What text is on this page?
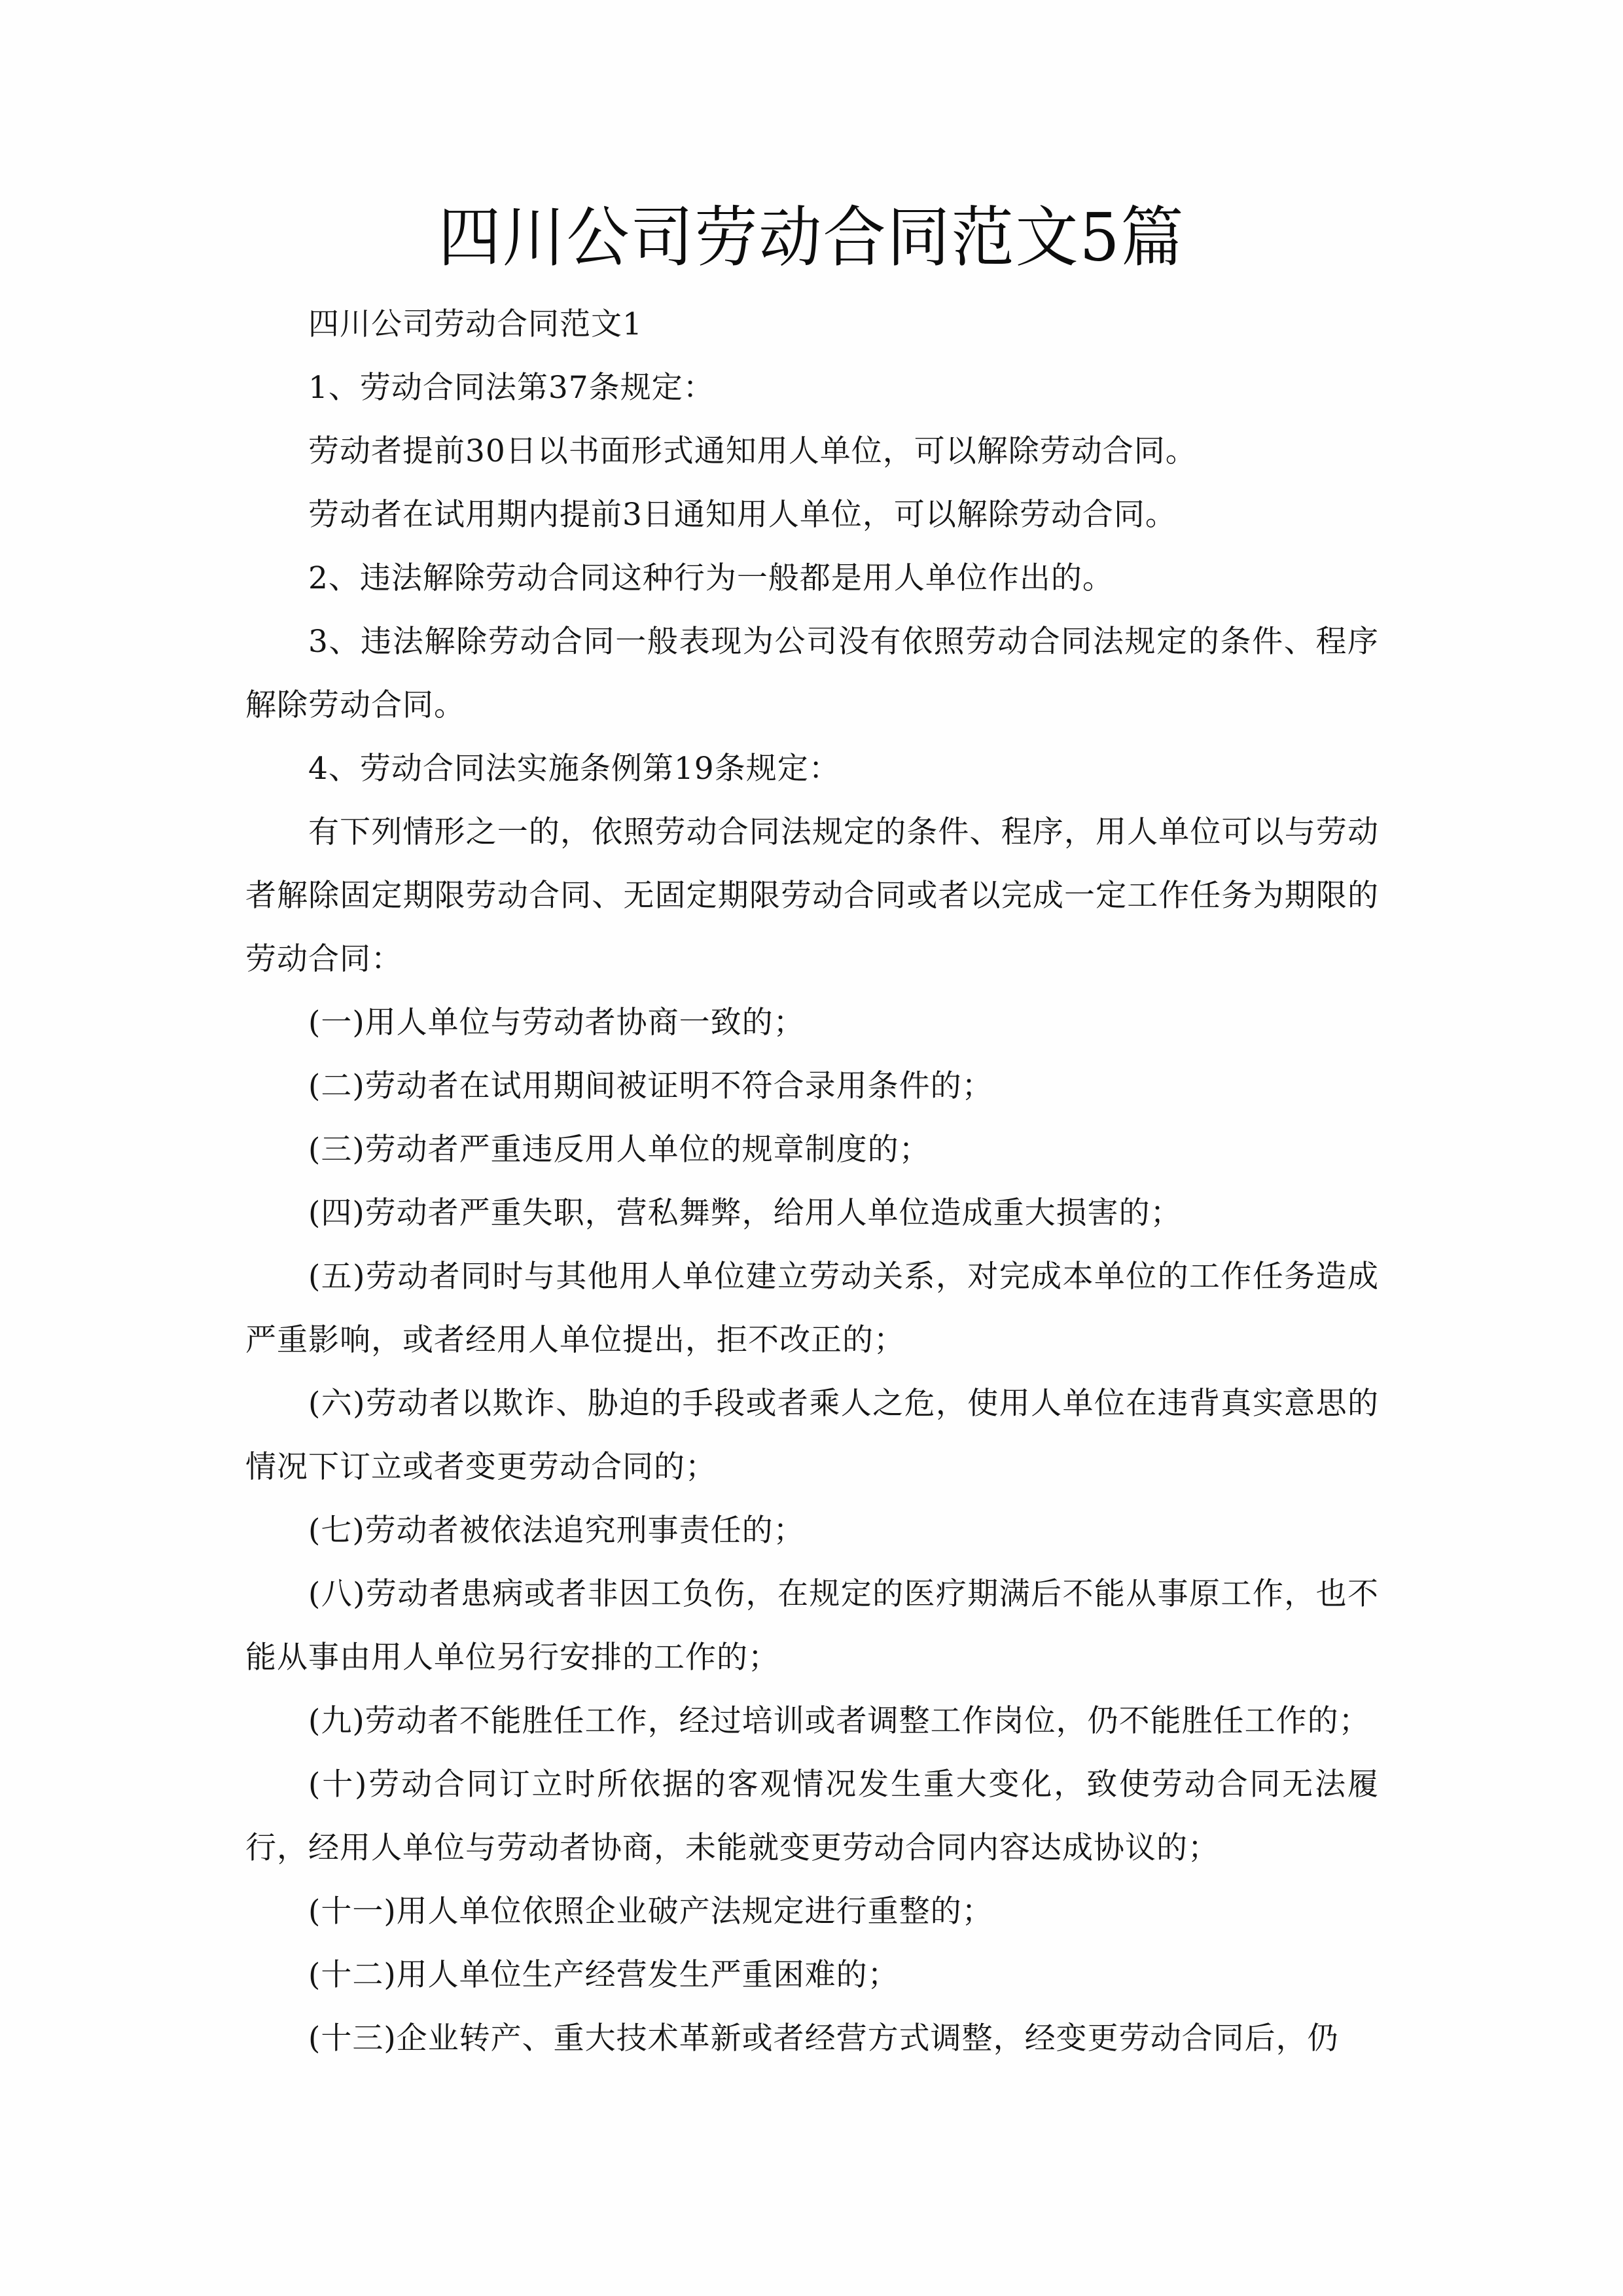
四川公司劳动合同范文5篇

四川公司劳动合同范文1

1、劳动合同法第37条规定：

劳动者提前30日以书面形式通知用人单位，可以解除劳动合同。

劳动者在试用期内提前3日通知用人单位，可以解除劳动合同。

2、违法解除劳动合同这种行为一般都是用人单位作出的。

3、违法解除劳动合同一般表现为公司没有依照劳动合同法规定的条件、程序解除劳动合同。

4、劳动合同法实施条例第19条规定：

有下列情形之一的，依照劳动合同法规定的条件、程序，用人单位可以与劳动者解除固定期限劳动合同、无固定期限劳动合同或者以完成一定工作任务为期限的劳动合同：

(一)用人单位与劳动者协商一致的；

(二)劳动者在试用期间被证明不符合录用条件的；

(三)劳动者严重违反用人单位的规章制度的；

(四)劳动者严重失职，营私舞弊，给用人单位造成重大损害的；

(五)劳动者同时与其他用人单位建立劳动关系，对完成本单位的工作任务造成严重影响，或者经用人单位提出，拒不改正的；

(六)劳动者以欺诈、胁迫的手段或者乘人之危，使用人单位在违背真实意思的情况下订立或者变更劳动合同的；

(七)劳动者被依法追究刑事责任的；

(八)劳动者患病或者非因工负伤，在规定的医疗期满后不能从事原工作，也不能从事由用人单位另行安排的工作的；

(九)劳动者不能胜任工作，经过培训或者调整工作岗位，仍不能胜任工作的；

(十)劳动合同订立时所依据的客观情况发生重大变化，致使劳动合同无法履行，经用人单位与劳动者协商，未能就变更劳动合同内容达成协议的；

(十一)用人单位依照企业破产法规定进行重整的；

(十二)用人单位生产经营发生严重困难的；

(十三)企业转产、重大技术革新或者经营方式调整，经变更劳动合同后，仍
